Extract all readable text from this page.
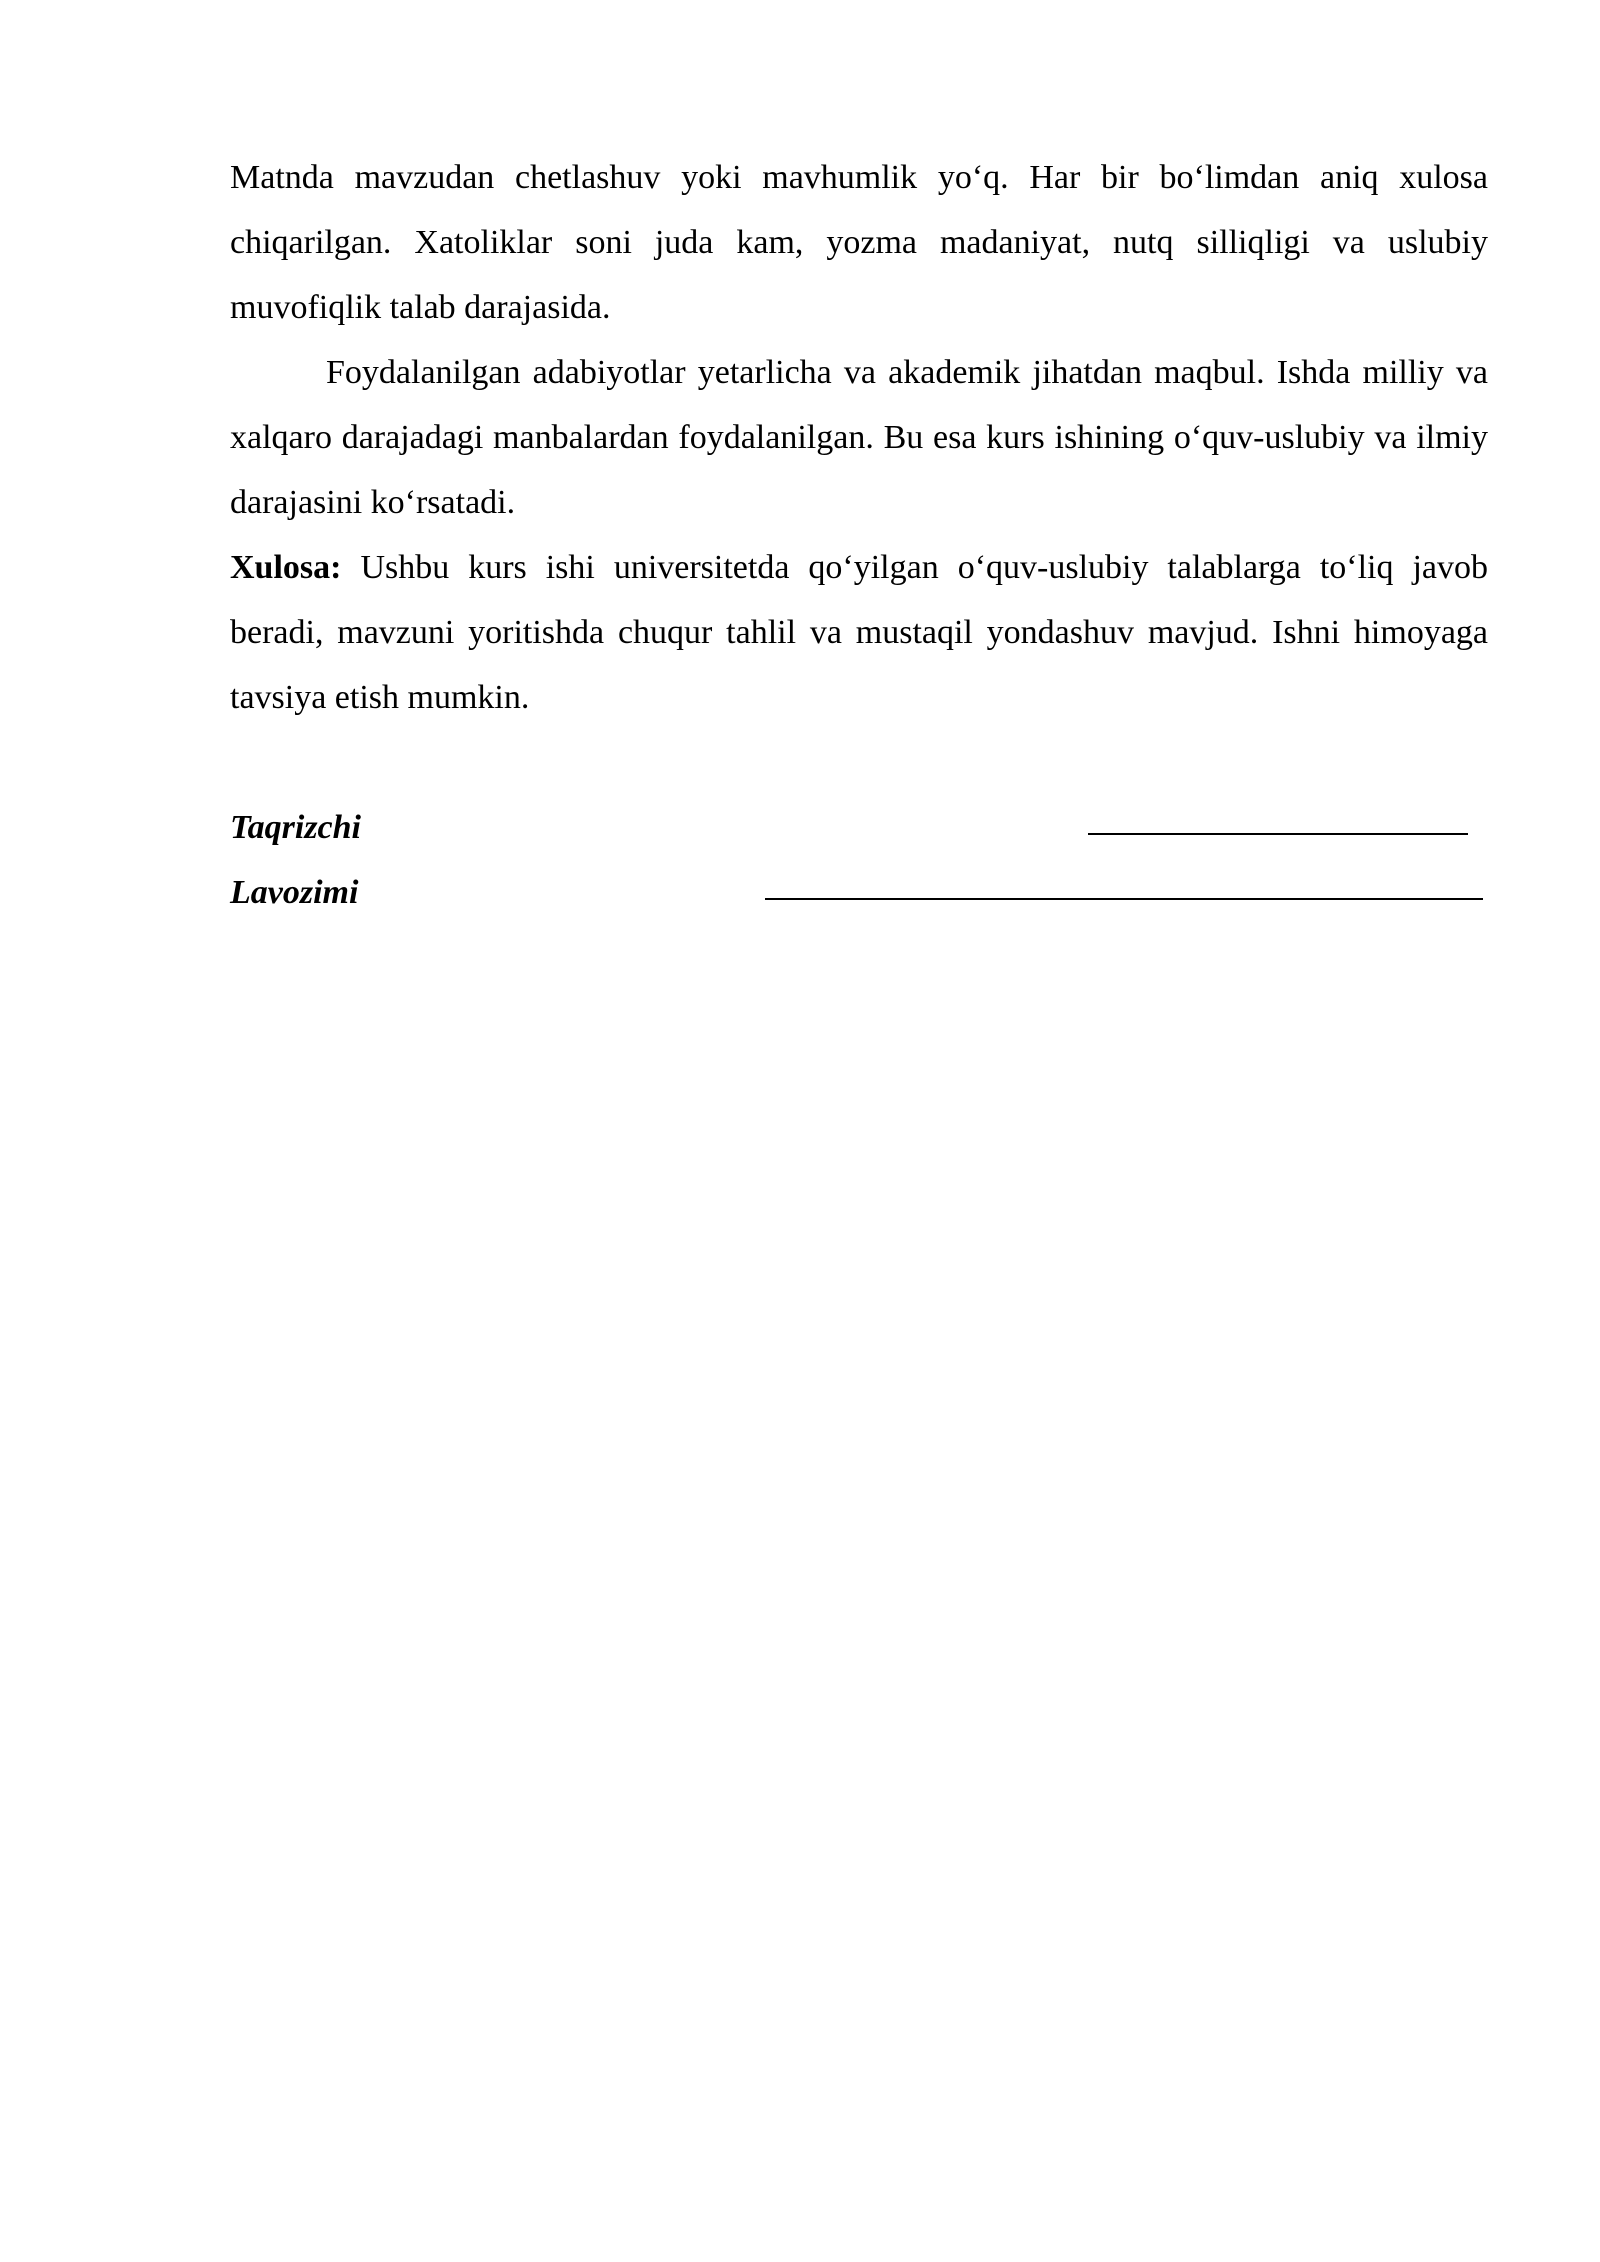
Matnda mavzudan chetlashuv yoki mavhumlik yo‘q. Har bir bo‘limdan aniq xulosa chiqarilgan. Xatoliklar soni juda kam, yozma madaniyat, nutq silliqligi va uslubiy muvofiqlik talab darajasida.

Foydalanilgan adabiyotlar yetarlicha va akademik jihatdan maqbul. Ishda milliy va xalqaro darajadagi manbalardan foydalanilgan. Bu esa kurs ishining o‘quv-uslubiy va ilmiy darajasini ko‘rsatadi.

Xulosa: Ushbu kurs ishi universitetda qo‘yilgan o‘quv-uslubiy talablarga to‘liq javob beradi, mavzuni yoritishda chuqur tahlil va mustaqil yondashuv mavjud. Ishni himoyaga tavsiya etish mumkin.

Taqrizchi
Lavozimi
